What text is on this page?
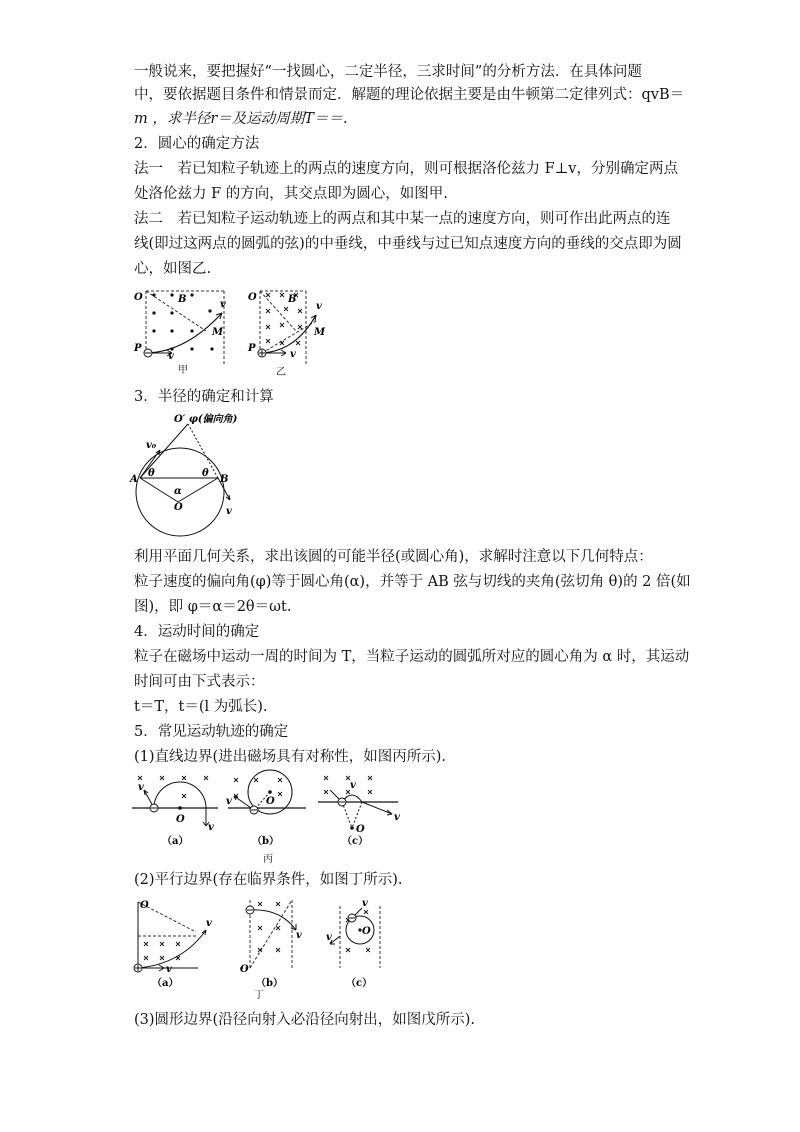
一般说来，要把握好“一找圆心，二定半径，三求时间”的分析方法．在具体问题
中，要依据题目条件和情景而定．解题的理论依据主要是由牛顿第二定律列式：qvB＝
m ，求半径r＝及运动周期T＝＝.
2．圆心的确定方法
法一　若已知粒子轨迹上的两点的速度方向，则可根据洛伦兹力 F⊥v，分别确定两点
处洛伦兹力 F 的方向，其交点即为圆心，如图甲.
法二　若已知粒子运动轨迹上的两点和其中某一点的速度方向，则可作出此两点的连
线(即过这两点的圆弧的弦)的中垂线，中垂线与过已知点速度方向的垂线的交点即为圆
心，如图乙.
O	B	v
M
P
v
甲
O	B
v
M
P
v
乙
3．半径的确定和计算
O′ φ(偏向角)
v₀
A	B
θ	θ
α
O	v
利用平面几何关系，求出该圆的可能半径(或圆心角)，求解时注意以下几何特点：
粒子速度的偏向角(φ)等于圆心角(α)，并等于 AB 弦与切线的夹角(弦切角 θ)的 2 倍(如
图)，即 φ＝α＝2θ＝ωt.
4．运动时间的确定
粒子在磁场中运动一周的时间为 T，当粒子运动的圆弧所对应的圆心角为 α 时，其运动
时间可由下式表示：
t＝T，t＝(l 为弧长).
5．常见运动轨迹的确定
(1)直线边界(进出磁场具有对称性，如图丙所示).
v
O
v
（a）
v	O
（b）
v
O
v
（c）
丙
(2)平行边界(存在临界条件，如图丁所示).
O
v
v
（a）
O
v
（b）
v
v
O
（c）
丁
(3)圆形边界(沿径向射入必沿径向射出，如图戊所示).
